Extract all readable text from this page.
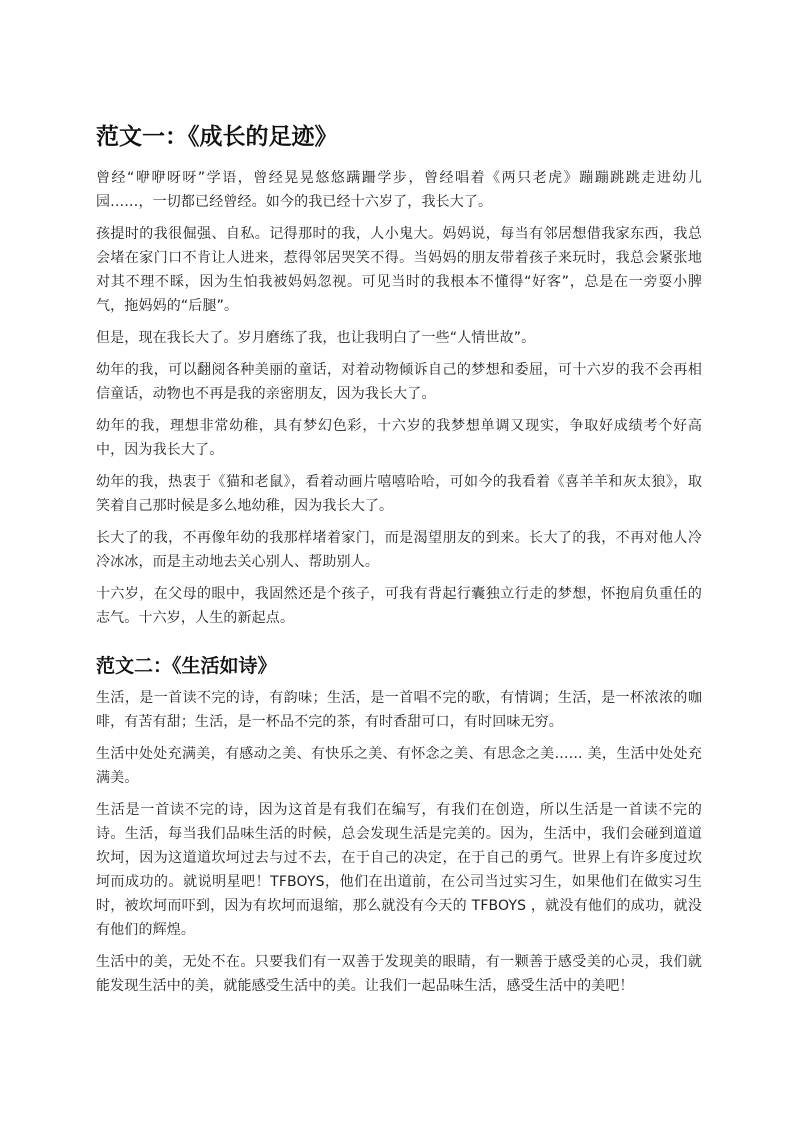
范文一：《成长的足迹》

曾经“咿咿呀呀”学语，曾经晃晃悠悠蹒跚学步，曾经唱着《两只老虎》蹦蹦跳跳走进幼儿园……，一切都已经曾经。如今的我已经十六岁了，我长大了。

孩提时的我很倔强、自私。记得那时的我，人小鬼大。妈妈说，每当有邻居想借我家东西，我总会堵在家门口不肯让人进来，惹得邻居哭笑不得。当妈妈的朋友带着孩子来玩时，我总会紧张地对其不理不睬，因为生怕我被妈妈忽视。可见当时的我根本不懂得“好客”，总是在一旁耍小脾气，拖妈妈的“后腿”。

但是，现在我长大了。岁月磨练了我，也让我明白了一些“人情世故”。

幼年的我，可以翻阅各种美丽的童话，对着动物倾诉自己的梦想和委屈，可十六岁的我不会再相信童话，动物也不再是我的亲密朋友，因为我长大了。

幼年的我，理想非常幼稚，具有梦幻色彩，十六岁的我梦想单调又现实，争取好成绩考个好高中，因为我长大了。

幼年的我，热衷于《猫和老鼠》，看着动画片嘻嘻哈哈，可如今的我看着《喜羊羊和灰太狼》，取笑着自己那时候是多么地幼稚，因为我长大了。

长大了的我，不再像年幼的我那样堵着家门，而是渴望朋友的到来。长大了的我，不再对他人冷冷冰冰，而是主动地去关心别人、帮助别人。

十六岁，在父母的眼中，我固然还是个孩子，可我有背起行囊独立行走的梦想，怀抱肩负重任的志气。十六岁，人生的新起点。

范文二：《生活如诗》

生活，是一首读不完的诗，有韵味；生活，是一首唱不完的歌，有情调；生活，是一杯浓浓的咖啡，有苦有甜；生活，是一杯品不完的茶，有时香甜可口，有时回味无穷。

生活中处处充满美，有感动之美、有快乐之美、有怀念之美、有思念之美…… 美，生活中处处充满美。

生活是一首读不完的诗，因为这首是有我们在编写，有我们在创造，所以生活是一首读不完的诗。生活，每当我们品味生活的时候，总会发现生活是完美的。因为，生活中，我们会碰到道道坎坷，因为这道道坎坷过去与过不去，在于自己的决定，在于自己的勇气。世界上有许多度过坎坷而成功的。就说明星吧！TFBOYS，他们在出道前，在公司当过实习生，如果他们在做实习生时，被坎坷而吓到，因为有坎坷而退缩，那么就没有今天的 TFBOYS ，就没有他们的成功，就没有他们的辉煌。

生活中的美，无处不在。只要我们有一双善于发现美的眼睛，有一颗善于感受美的心灵，我们就能发现生活中的美，就能感受生活中的美。让我们一起品味生活，感受生活中的美吧！
